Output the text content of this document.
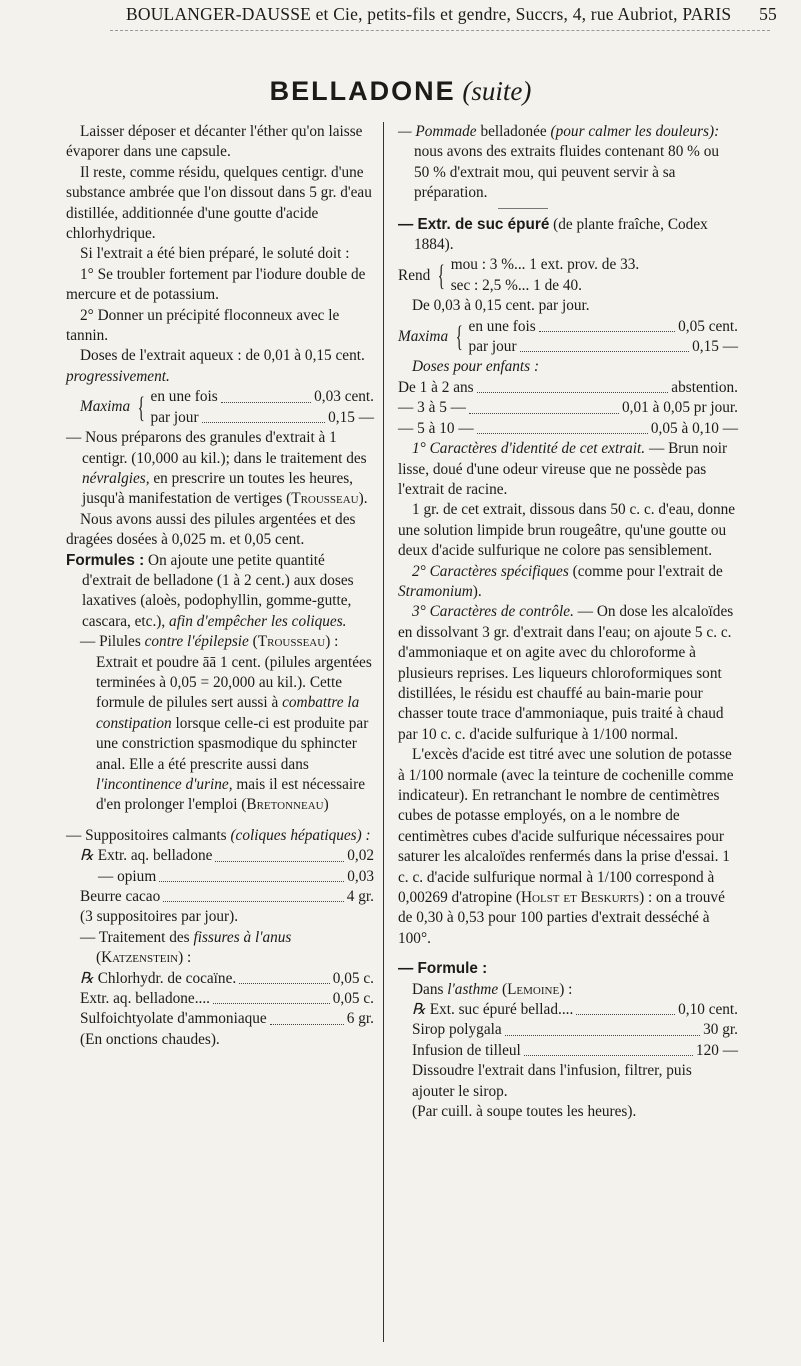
BOULANGER-DAUSSE et Cie, petits-fils et gendre, Succrs, 4, rue Aubriot, PARIS 55
BELLADONE (suite)

Laisser déposer et décanter l'éther qu'on laisse évaporer dans une capsule.

Il reste, comme résidu, quelques centigr. d'une substance ambrée que l'on dissout dans 5 gr. d'eau distillée, additionnée d'une goutte d'acide chlorhydrique.

Si l'extrait a été bien préparé, le soluté doit :

1° Se troubler fortement par l'iodure double de mercure et de potassium.

2° Donner un précipité floconneux avec le tannin.

Doses de l'extrait aqueux : de 0,01 à 0,15 cent. progressivement.

Maxima { en une fois	0,03 cent.
par jour	0,15 —

— Nous préparons des granules d'extrait à 1 centigr. (10,000 au kil.); dans le traitement des névralgies, en prescrire un toutes les heures, jusqu'à manifestation de vertiges (Trousseau).

Nous avons aussi des pilules argentées et des dragées dosées à 0,025 m. et 0,05 cent.

Formules : On ajoute une petite quantité d'extrait de belladone (1 à 2 cent.) aux doses laxatives (aloès, podophyllin, gomme-gutte, cascara, etc.), afin d'empêcher les coliques.

— Pilules contre l'épilepsie (Trousseau) : Extrait et poudre āā 1 cent. (pilules argentées terminées à 0,05 = 20,000 au kil.). Cette formule de pilules sert aussi à combattre la constipation lorsque celle-ci est produite par une constriction spasmodique du sphincter anal. Elle a été prescrite aussi dans l'incontinence d'urine, mais il est nécessaire d'en prolonger l'emploi (Bretonneau)

— Suppositoires calmants (coliques hépatiques) :

℞ Extr. aq. belladone	0,02
— opium	0,03
Beurre cacao	4 gr.

(3 suppositoires par jour).

— Traitement des fissures à l'anus (Katzenstein) :

℞ Chlorhydr. de cocaïne.	0,05 c.
Extr. aq. belladone....	0,05 c.
Sulfoichtyolate d'ammoniaque	6 gr.

(En onctions chaudes).

— Pommade belladonée (pour calmer les douleurs): nous avons des extraits fluides contenant 80 % ou 50 % d'extrait mou, qui peuvent servir à sa préparation.

— Extr. de suc épuré (de plante fraîche, Codex 1884).

Rend { mou : 3 %... 1 ext. prov. de 33.
sec : 2,5 %... 1 de 40.

De 0,03 à 0,15 cent. par jour.

Maxima { en une fois	0,05 cent.
par jour	0,15 —

Doses pour enfants :

De 1 à 2 ans	abstention.
— 3 à 5 —	0,01 à 0,05 pr jour.
— 5 à 10 —	0,05 à 0,10 —

1° Caractères d'identité de cet extrait. — Brun noir lisse, doué d'une odeur vireuse que ne possède pas l'extrait de racine.

1 gr. de cet extrait, dissous dans 50 c. c. d'eau, donne une solution limpide brun rougeâtre, qu'une goutte ou deux d'acide sulfurique ne colore pas sensiblement.

2° Caractères spécifiques (comme pour l'extrait de Stramonium).

3° Caractères de contrôle. — On dose les alcaloïdes en dissolvant 3 gr. d'extrait dans l'eau; on ajoute 5 c. c. d'ammoniaque et on agite avec du chloroforme à plusieurs reprises. Les liqueurs chloroformiques sont distillées, le résidu est chauffé au bain-marie pour chasser toute trace d'ammoniaque, puis traité à chaud par 10 c. c. d'acide sulfurique à 1/100 normal.

L'excès d'acide est titré avec une solution de potasse à 1/100 normale (avec la teinture de cochenille comme indicateur). En retranchant le nombre de centimètres cubes de potasse employés, on a le nombre de centimètres cubes d'acide sulfurique nécessaires pour saturer les alcaloïdes renfermés dans la prise d'essai. 1 c. c. d'acide sulfurique normal à 1/100 correspond à 0,00269 d'atropine (Holst et Beskurts) : on a trouvé de 0,30 à 0,53 pour 100 parties d'extrait desséché à 100°.

— Formule :

Dans l'asthme (Lemoine) :

℞ Ext. suc épuré bellad....	0,10 cent.
Sirop polygala	30 gr.
Infusion de tilleul	120 —

Dissoudre l'extrait dans l'infusion, filtrer, puis ajouter le sirop.

(Par cuill. à soupe toutes les heures).
